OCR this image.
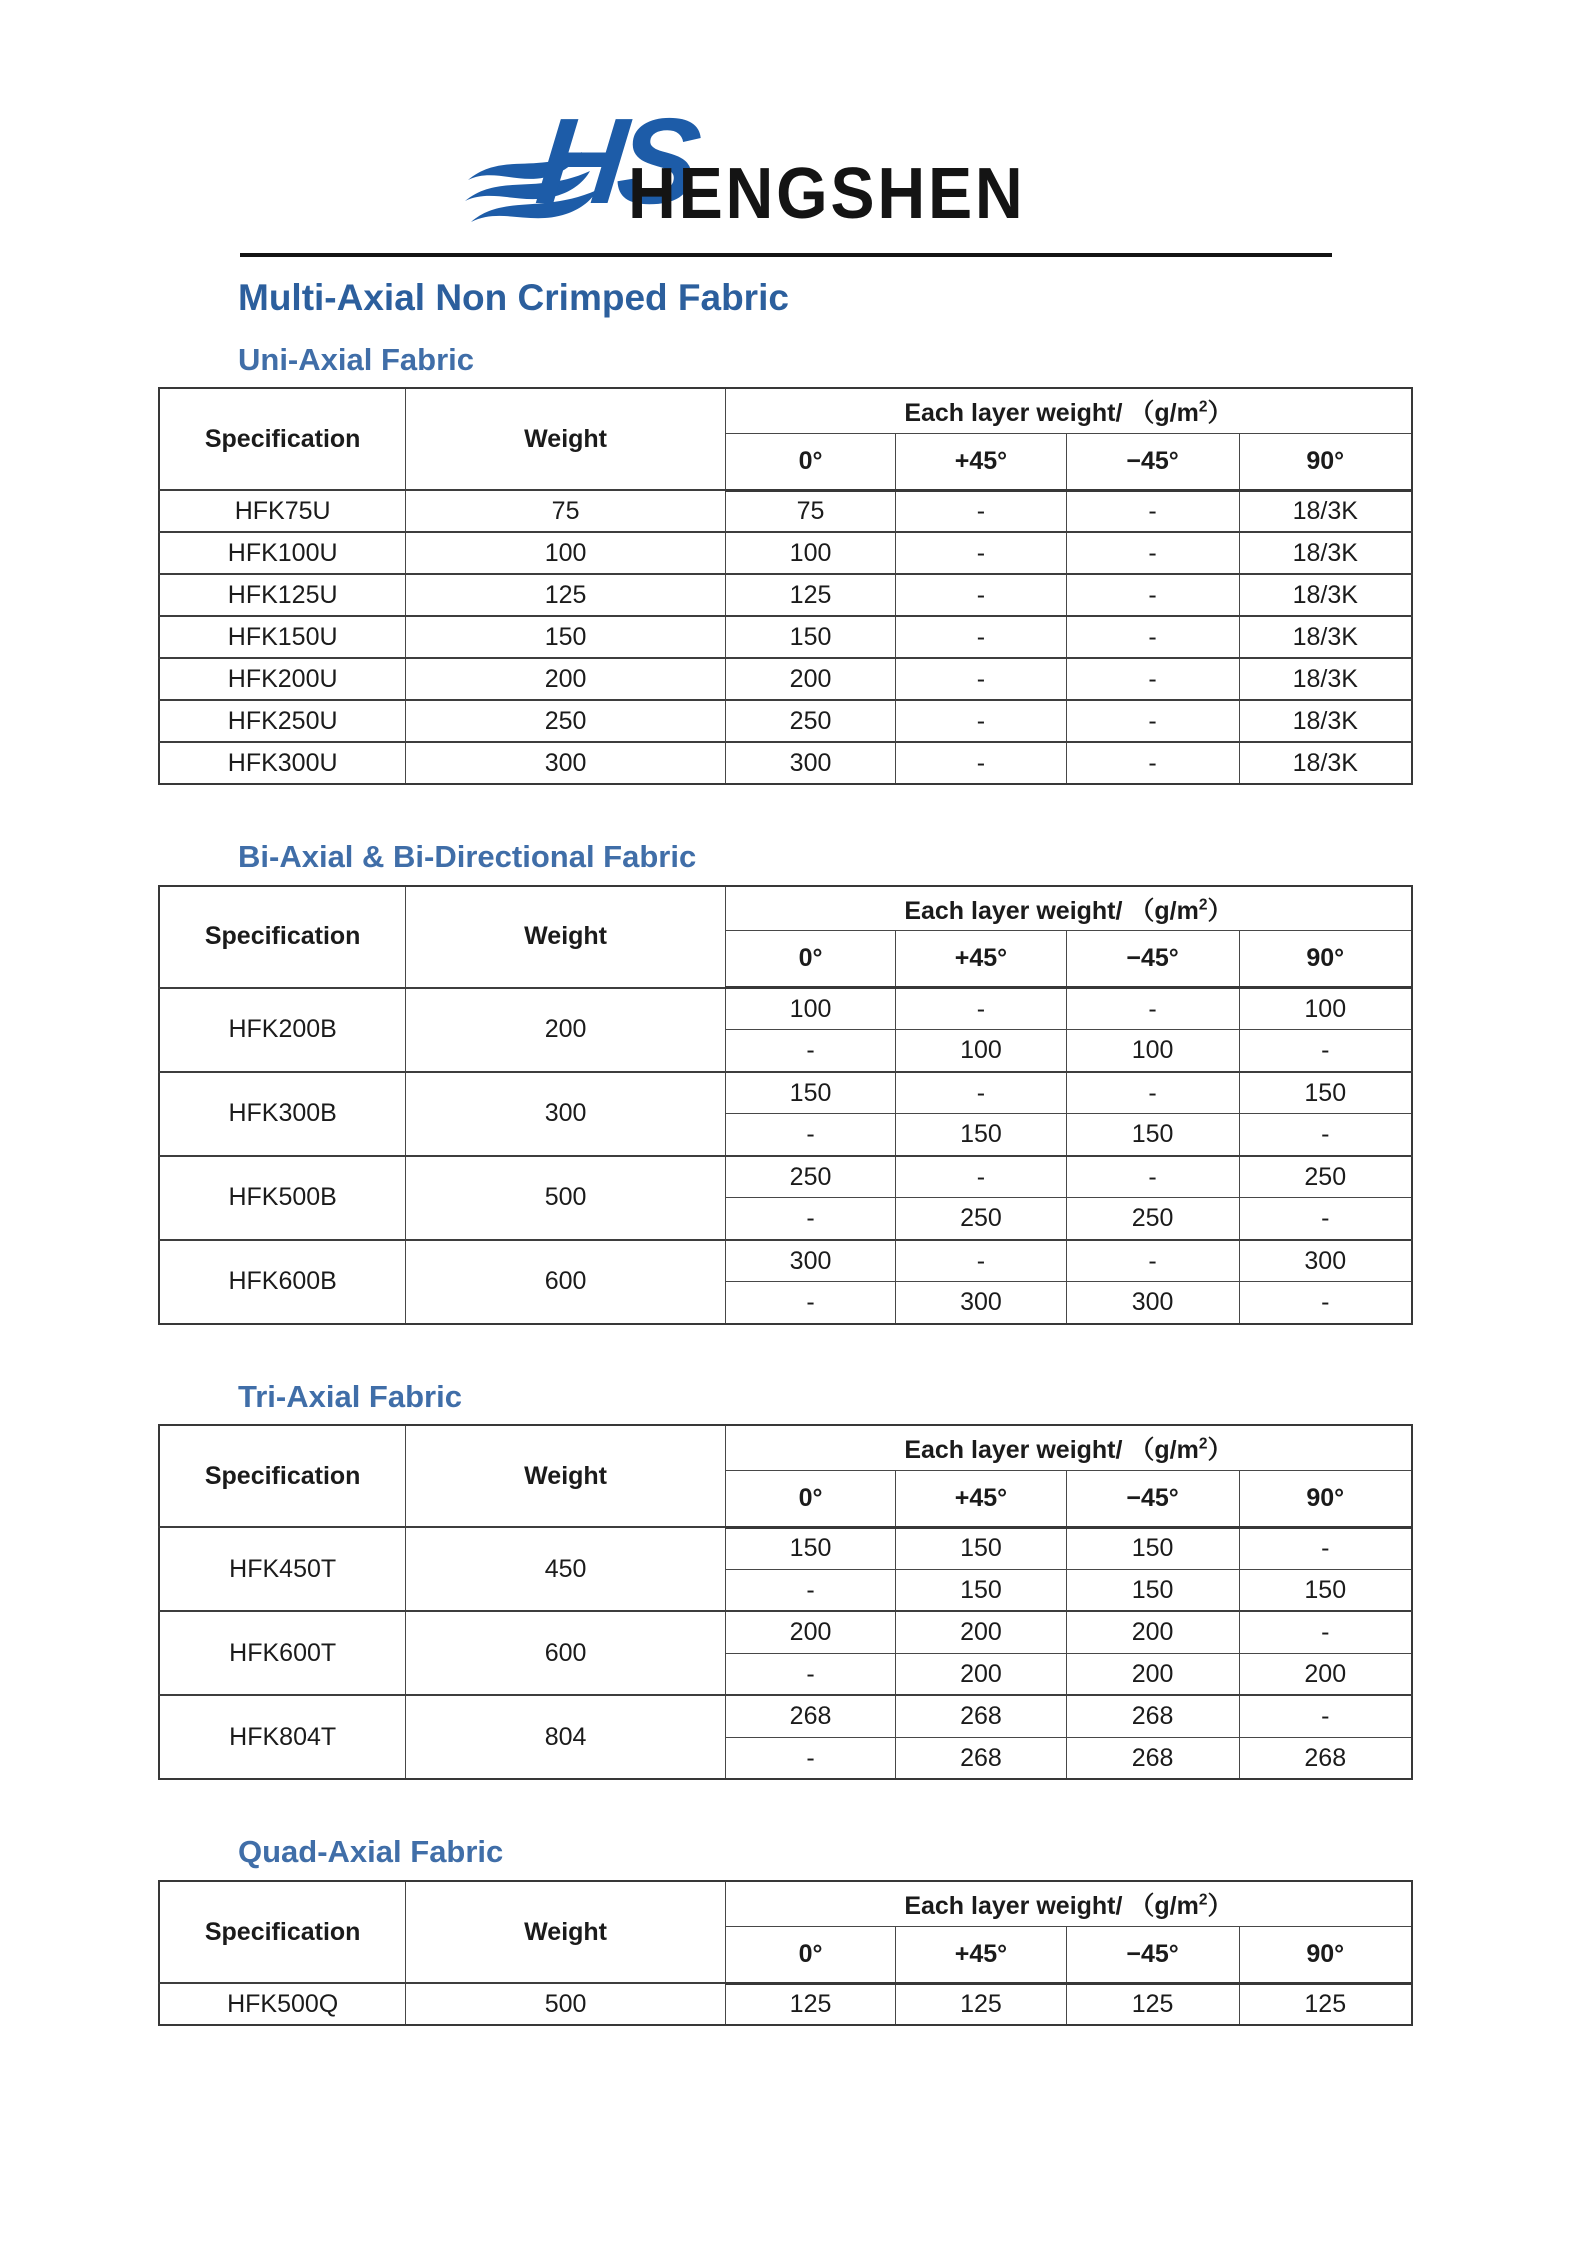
HS
HENGSHEN
Multi-Axial Non Crimped Fabric
Uni-Axial Fabric
Specification	Weight	Each layer weight/ $(g/m^2)$			
		0°	+45°	−45°	90°
HFK75U	75	75	-	-	18/3K
HFK100U	100	100	-	-	18/3K
HFK125U	125	125	-	-	18/3K
HFK150U	150	150	-	-	18/3K
HFK200U	200	200	-	-	18/3K
HFK250U	250	250	-	-	18/3K
HFK300U	300	300	-	-	18/3K
Bi-Axial & Bi-Directional Fabric
Specification	Weight	Each layer weight/ $(g/m^2)$			
		0°	+45°	−45°	90°
HFK200B	200	100	-	-	100
		-	100	100	-
HFK300B	300	150	-	-	150
		-	150	150	-
HFK500B	500	250	-	-	250
		-	250	250	-
HFK600B	600	300	-	-	300
		-	300	300	-
Tri-Axial Fabric
Specification	Weight	Each layer weight/ $(g/m^2)$			
		0°	+45°	−45°	90°
HFK450T	450	150	150	150	-
		-	150	150	150
HFK600T	600	200	200	200	-
		-	200	200	200
HFK804T	804	268	268	268	-
		-	268	268	268
Quad-Axial Fabric
Specification	Weight	Each layer weight/ $(g/m^2)$			
		0°	+45°	−45°	90°
HFK500Q	500	125	125	125	125
